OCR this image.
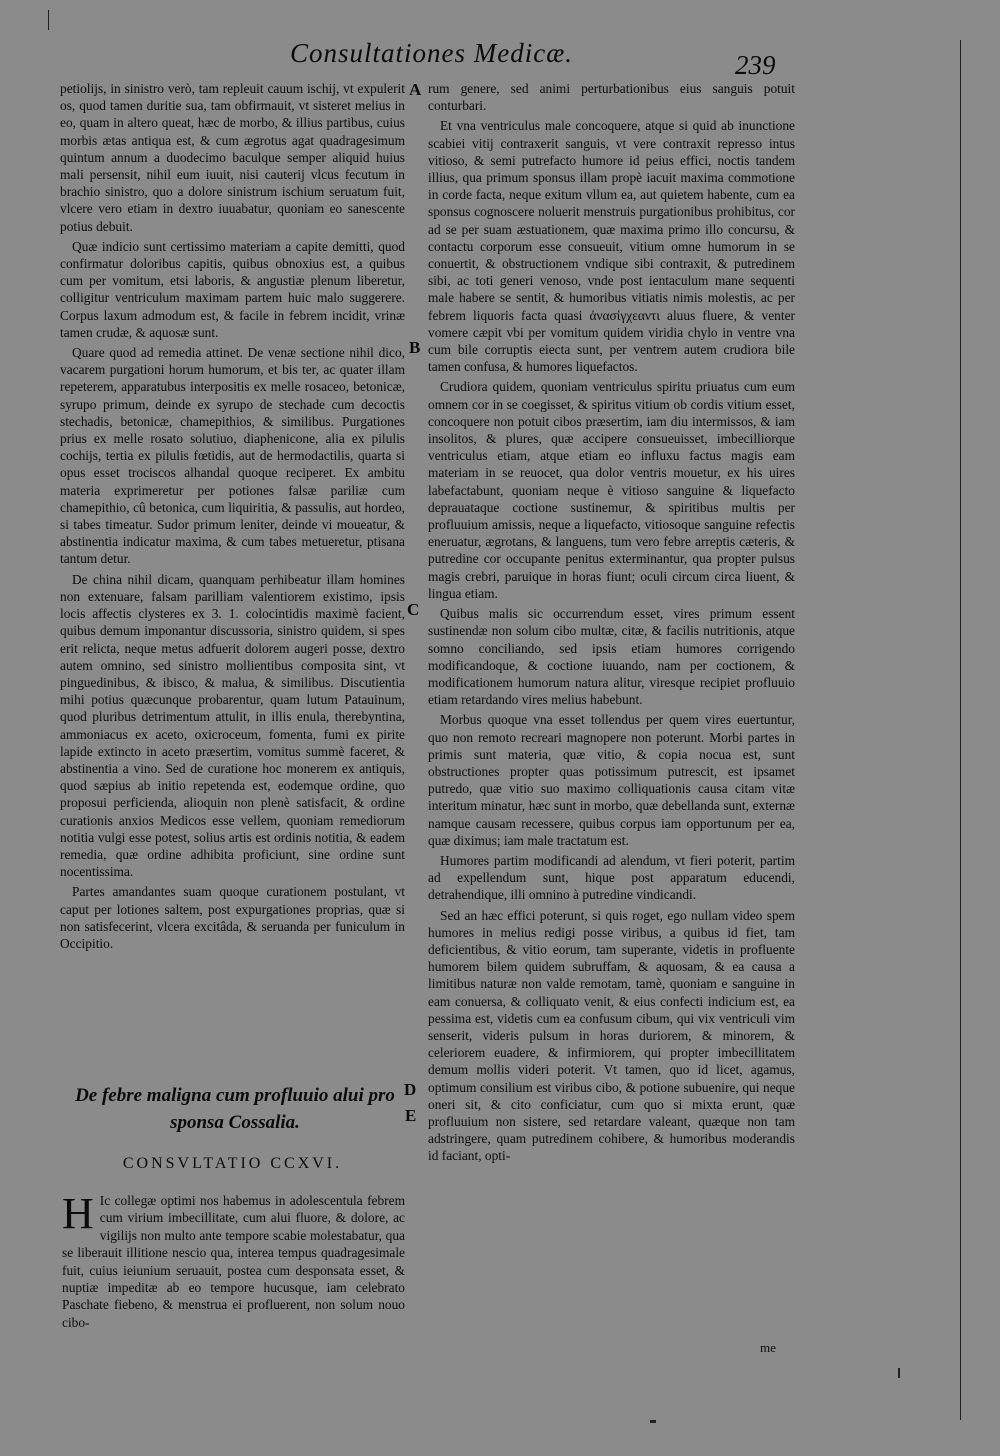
Consultationes Medicæ.	239

petiolijs, in sinistro verò, tam repleuit cauum ischij, vt expulerit os, quod tamen duritie sua, tam obfirmauit, vt sisteret melius in eo, quam in altero queat, hæc de morbo, & illius partibus, cuius morbis ætas antiqua est, & cum ægrotus agat quadragesimum quintum annum a duodecimo baculque semper aliquid huius mali persensit, nihil eum iuuit, nisi cauterij vlcus fecutum in brachio sinistro, quo a dolore sinistrum ischium seruatum fuit, vlcere vero etiam in dextro iuuabatur, quoniam eo sanescente potius debuit.

Quæ indicio sunt certissimo materiam a capite demitti, quod confirmatur doloribus capitis, quibus obnoxius est, a quibus cum per vomitum, etsi laboris, & angustiæ plenum liberetur, colligitur ventriculum maximam partem huic malo suggerere. Corpus laxum admodum est, & facile in febrem incidit, vrinæ tamen crudæ, & aquosæ sunt.

Quare quod ad remedia attinet. De venæ sectione nihil dico, vacarem purgationi horum humorum, et bis ter, ac quater illam repeterem, apparatubus interpositis ex melle rosaceo, betonicæ, syrupo primum, deinde ex syrupo de stechade cum decoctis stechadis, betonicæ, chamepithios, & similibus. Purgationes prius ex melle rosato solutiuo, diaphenicone, alia ex pilulis cochijs, tertia ex pilulis fœtidis, aut de hermodactilis, quarta si opus esset trociscos alhandal quoque reciperet. Ex ambitu materia exprimeretur per potiones falsæ pariliæ cum chamepithio, cû betonica, cum liquiritia, & passulis, aut hordeo, si tabes timeatur. Sudor primum leniter, deinde vi moueatur, & abstinentia indicatur maxima, & cum tabes metueretur, ptisana tantum detur.

De china nihil dicam, quanquam perhibeatur illam homines non extenuare, falsam parilliam valentiorem existimo, ipsis locis affectis clysteres ex 3. 1. colocintidis maximè facient, quibus demum imponantur discussoria, sinistro quidem, si spes erit relicta, neque metus adfuerit dolorem augeri posse, dextro autem omnino, sed sinistro mollientibus composita sint, vt pinguedinibus, & ibisco, & malua, & similibus. Discutientia mihi potius quæcunque probarentur, quam lutum Patauinum, quod pluribus detrimentum attulit, in illis enula, therebyntina, ammoniacus ex aceto, oxicroceum, fomenta, fumi ex pirite lapide extincto in aceto præsertim, vomitus summè faceret, & abstinentia a vino. Sed de curatione hoc monerem ex antiquis, quod sæpius ab initio repetenda est, eodemque ordine, quo proposui perficienda, alioquin non plenè satisfacit, & ordine curationis anxios Medicos esse vellem, quoniam remediorum notitia vulgi esse potest, solius artis est ordinis notitia, & eadem remedia, quæ ordine adhibita proficiunt, sine ordine sunt nocentissima.

Partes amandantes suam quoque curationem postulant, vt caput per lotiones saltem, post expurgationes proprias, quæ si non satisfecerint, vlcera excitâda, & seruanda per funiculum in Occipitio.

De febre maligna cum profluuio alui pro sponsa Cossalia.
CONSVLTATIO CCXVI.
H Ic collegæ optimi nos habemus in adolescentula febrem cum virium imbecillitate, cum alui fluore, & dolore, ac vigilijs non multo ante tempore scabie molestabatur, qua se liberauit illitione nescio qua, interea tempus quadragesimale fuit, cuius ieiunium seruauit, postea cum desponsata esset, & nuptiæ impeditæ ab eo tempore hucusque, iam celebrato Paschate fiebeno, & menstrua ei profluerent, non solum nouo cibo-

rum genere, sed animi perturbationibus eius sanguis potuit conturbari.

Et vna ventriculus male concoquere, atque si quid ab inunctione scabiei vitij contraxerit sanguis, vt vere contraxit represso intus vitioso, & semi putrefacto humore id peius effici, noctis tandem illius, qua primum sponsus illam propè iacuit maxima commotione in corde facta, neque exitum vllum ea, aut quietem habente, cum ea sponsus cognoscere noluerit menstruis purgationibus prohibitus, cor ad se per suam æstuationem, quæ maxima primo illo concursu, & contactu corporum esse consueuit, vitium omne humorum in se conuertit, & obstructionem vndique sibi contraxit, & putredinem sibi, ac toti generi venoso, vnde post ientaculum mane sequenti male habere se sentit, & humoribus vitiatis nimis molestis, ac per febrem liquoris facta quasi ἀνασίγχεαντι aluus fluere, & venter vomere cæpit vbi per vomitum quidem viridia chylo in ventre vna cum bile corruptis eiecta sunt, per ventrem autem crudiora bile tamen confusa, & humores liquefactos.

Crudiora quidem, quoniam ventriculus spiritu priuatus cum eum omnem cor in se coegisset, & spiritus vitium ob cordis vitium esset, concoquere non potuit cibos præsertim, iam diu intermissos, & iam insolitos, & plures, quæ accipere consueuisset, imbecilliorque ventriculus etiam, atque etiam eo influxu factus magis eam materiam in se reuocet, qua dolor ventris mouetur, ex his uires labefactabunt, quoniam neque è vitioso sanguine & liquefacto deprauataque coctione sustinemur, & spiritibus multis per profluuium amissis, neque a liquefacto, vitiosoque sanguine refectis eneruatur, ægrotans, & languens, tum vero febre arreptis cæteris, & putredine cor occupante penitus exterminantur, qua propter pulsus magis crebri, paruique in horas fiunt; oculi circum circa liuent, & lingua etiam.

Quibus malis sic occurrendum esset, vires primum essent sustinendæ non solum cibo multæ, citæ, & facilis nutritionis, atque somno conciliando, sed ipsis etiam humores corrigendo modificandoque, & coctione iuuando, nam per coctionem, & modificationem humorum natura alitur, viresque recipiet profluuio etiam retardando vires melius habebunt.

Morbus quoque vna esset tollendus per quem vires euertuntur, quo non remoto recreari magnopere non poterunt. Morbi partes in primis sunt materia, quæ vitio, & copia nocua est, sunt obstructiones propter quas potissimum putrescit, est ipsamet putredo, quæ vitio suo maximo colliquationis causa citam vitæ interitum minatur, hæc sunt in morbo, quæ debellanda sunt, externæ namque causam recessere, quibus corpus iam opportunum per ea, quæ diximus; iam male tractatum est.

Humores partim modificandi ad alendum, vt fieri poterit, partim ad expellendum sunt, hique post apparatum educendi, detrahendique, illi omnino à putredine vindicandi.

Sed an hæc effici poterunt, si quis roget, ego nullam video spem humores in melius redigi posse viribus, a quibus id fiet, tam deficientibus, & vitio eorum, tam superante, videtis in profluente humorem bilem quidem subruffam, & aquosam, & ea causa a limitibus naturæ non valde remotam, tamè, quoniam e sanguine in eam conuersa, & colliquato venit, & eius confecti indicium est, ea pessima est, videtis cum ea confusum cibum, qui vix ventriculi vim senserit, videris pulsum in horas duriorem, & minorem, & celeriorem euadere, & infirmiorem, qui propter imbecillitatem demum mollis videri poterit. Vt tamen, quo id licet, agamus, optimum consilium est viribus cibo, & potione subuenire, qui neque oneri sit, & cito conficiatur, cum quo si mixta erunt, quæ profluuium non sistere, sed retardare valeant, quæque non tam adstringere, quam putredinem cohibere, & humoribus moderandis id faciant, opti-

A
B
C
D
E
me
